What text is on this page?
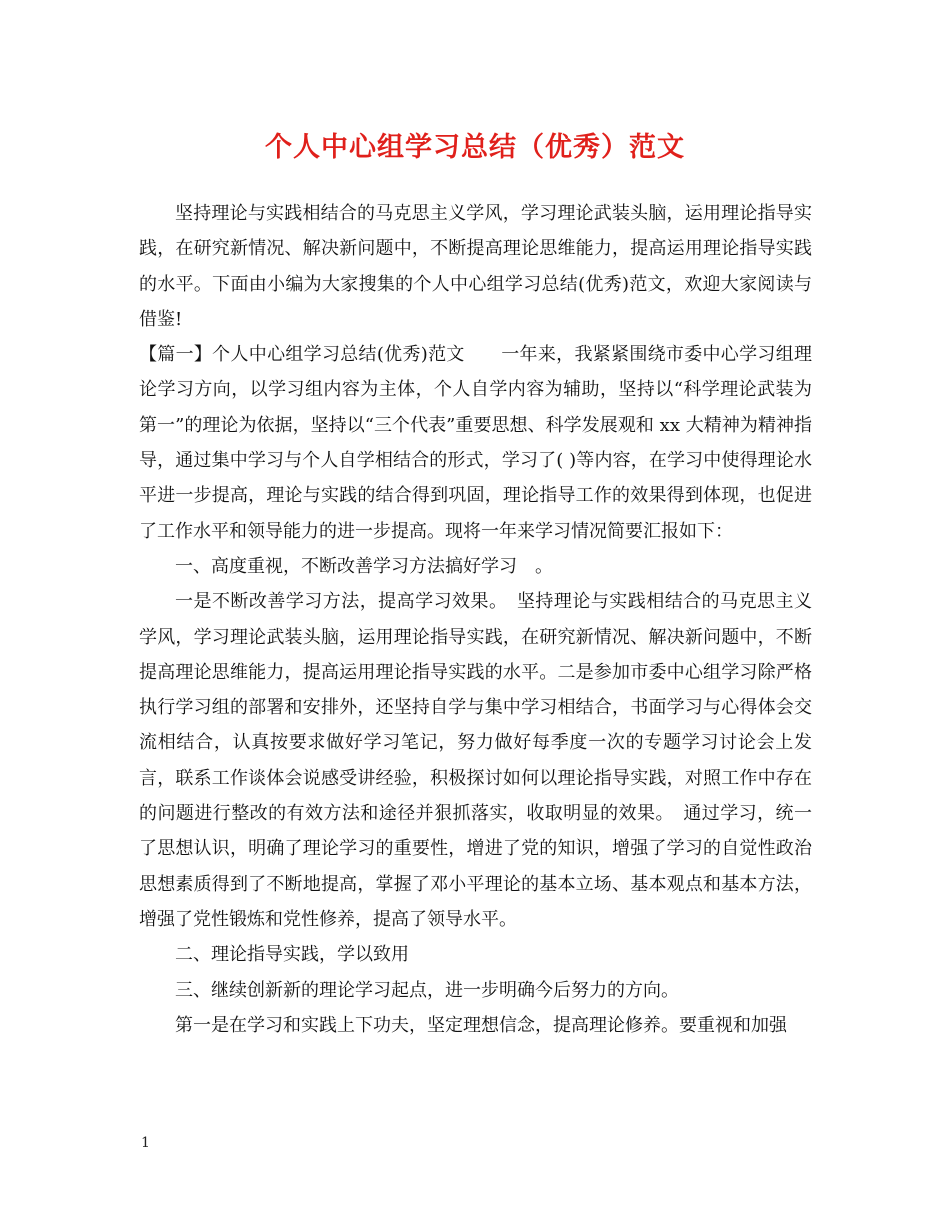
个人中心组学习总结（优秀）范文

坚持理论与实践相结合的马克思主义学风，学习理论武装头脑，运用理论指导实践，在研究新情况、解决新问题中，不断提高理论思维能力，提高运用理论指导实践的水平。下面由小编为大家搜集的个人中心组学习总结(优秀)范文，欢迎大家阅读与借鉴!

【篇一】个人中心组学习总结(优秀)范文　　一年来，我紧紧围绕市委中心学习组理论学习方向，以学习组内容为主体，个人自学内容为辅助，坚持以“科学理论武装为第一”的理论为依据，坚持以“三个代表”重要思想、科学发展观和 xx 大精神为精神指导，通过集中学习与个人自学相结合的形式，学习了( )等内容，在学习中使得理论水平进一步提高，理论与实践的结合得到巩固，理论指导工作的效果得到体现，也促进了工作水平和领导能力的进一步提高。现将一年来学习情况简要汇报如下：

一、高度重视，不断改善学习方法搞好学习　。

一是不断改善学习方法，提高学习效果。　坚持理论与实践相结合的马克思主义学风，学习理论武装头脑，运用理论指导实践，在研究新情况、解决新问题中，不断提高理论思维能力，提高运用理论指导实践的水平。二是参加市委中心组学习除严格执行学习组的部署和安排外，还坚持自学与集中学习相结合，书面学习与心得体会交流相结合，认真按要求做好学习笔记，努力做好每季度一次的专题学习讨论会上发言，联系工作谈体会说感受讲经验，积极探讨如何以理论指导实践，对照工作中存在的问题进行整改的有效方法和途径并狠抓落实，收取明显的效果。　通过学习，统一了思想认识，明确了理论学习的重要性，增进了党的知识，增强了学习的自觉性政治思想素质得到了不断地提高，掌握了邓小平理论的基本立场、基本观点和基本方法，增强了党性锻炼和党性修养，提高了领导水平。

二、理论指导实践，学以致用

三、继续创新新的理论学习起点，进一步明确今后努力的方向。

第一是在学习和实践上下功夫，坚定理想信念，提高理论修养。要重视和加强

1
